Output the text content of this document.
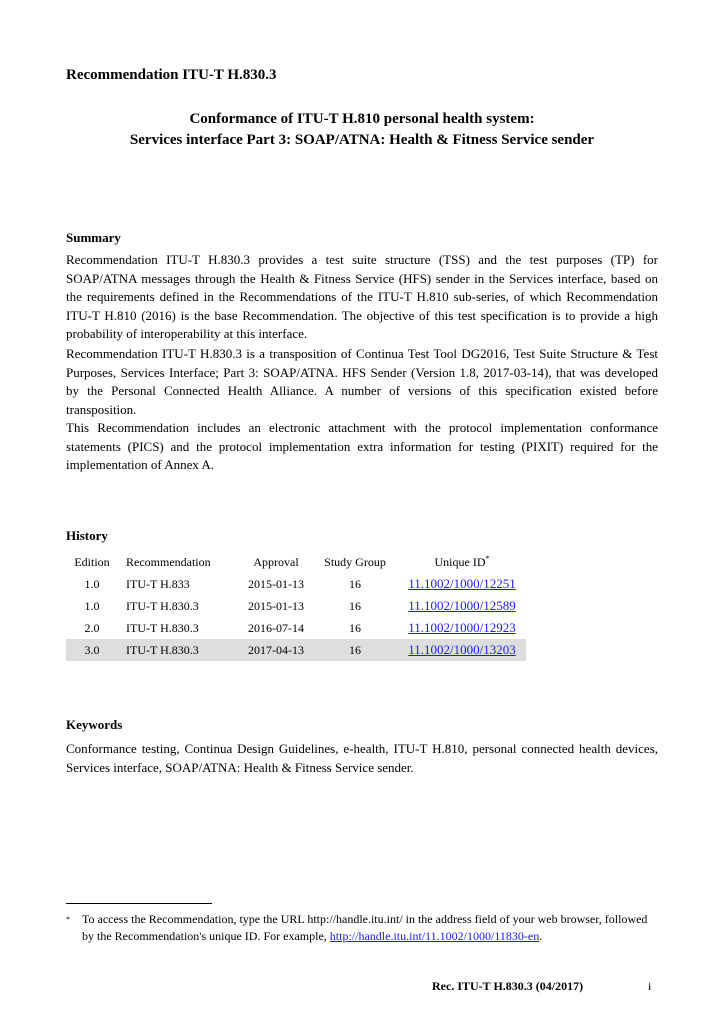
Recommendation ITU-T H.830.3
Conformance of ITU-T H.810 personal health system:
Services interface Part 3: SOAP/ATNA: Health & Fitness Service sender
Summary
Recommendation ITU-T H.830.3 provides a test suite structure (TSS) and the test purposes (TP) for SOAP/ATNA messages through the Health & Fitness Service (HFS) sender in the Services interface, based on the requirements defined in the Recommendations of the ITU-T H.810 sub-series, of which Recommendation ITU-T H.810 (2016) is the base Recommendation. The objective of this test specification is to provide a high probability of interoperability at this interface.
Recommendation ITU-T H.830.3 is a transposition of Continua Test Tool DG2016, Test Suite Structure & Test Purposes, Services Interface; Part 3: SOAP/ATNA. HFS Sender (Version 1.8, 2017-03-14), that was developed by the Personal Connected Health Alliance. A number of versions of this specification existed before transposition.
This Recommendation includes an electronic attachment with the protocol implementation conformance statements (PICS) and the protocol implementation extra information for testing (PIXIT) required for the implementation of Annex A.
History
Edition	Recommendation	Approval	Study Group	Unique ID*
1.0	ITU-T H.833	2015-01-13	16	11.1002/1000/12251
1.0	ITU-T H.830.3	2015-01-13	16	11.1002/1000/12589
2.0	ITU-T H.830.3	2016-07-14	16	11.1002/1000/12923
3.0	ITU-T H.830.3	2017-04-13	16	11.1002/1000/13203
Keywords
Conformance testing, Continua Design Guidelines, e-health, ITU-T H.810, personal connected health devices, Services interface, SOAP/ATNA: Health & Fitness Service sender.
* To access the Recommendation, type the URL http://handle.itu.int/ in the address field of your web browser, followed by the Recommendation's unique ID. For example, http://handle.itu.int/11.1002/1000/11830-en.
Rec. ITU-T H.830.3 (04/2017)	i
